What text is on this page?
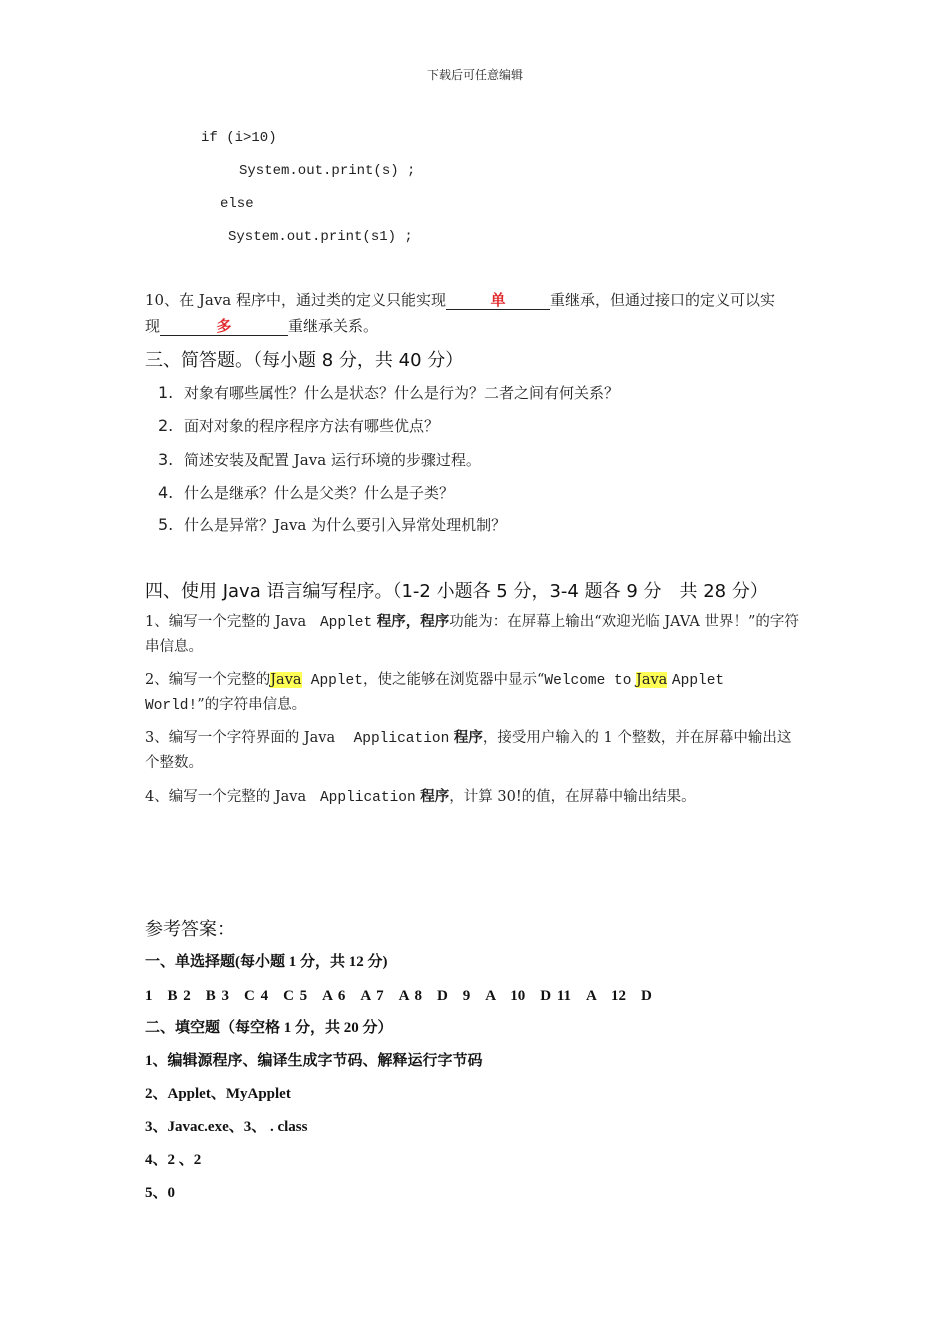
下载后可任意编辑
if (i>10)
System.out.print(s) ;
else
System.out.print(s1) ;
10、在 Java 程序中，通过类的定义只能实现	单	重继承，但通过接口的定义可以实
现	多	重继承关系。
三、简答题。（每小题 8 分，共 40 分）
1. 对象有哪些属性？什么是状态？什么是行为？二者之间有何关系？
2. 面对对象的程序程序方法有哪些优点？
3. 简述安装及配置 Java 运行环境的步骤过程。
4. 什么是继承？什么是父类？什么是子类？
5. 什么是异常？Java 为什么要引入异常处理机制？
四、使用 Java 语言编写程序。（1-2 小题各 5 分，3-4 题各 9 分　共 28 分）
1、编写一个完整的 Java Applet 程序，程序功能为：在屏幕上输出“欢迎光临 JAVA 世界！”的字符串信息。
2、编写一个完整的Java Applet，使之能够在浏览器中显示“Welcome to Java Applet World!”的字符串信息。
3、编写一个字符界面的 Java Application 程序，接受用户输入的 1 个整数，并在屏幕中输出这个整数。
4、编写一个完整的 Java Application 程序，计算 30!的值，在屏幕中输出结果。
参考答案：
一、单选择题(每小题 1 分，共 12 分)
1　B 2　B 3　C 4　C 5　A 6　A 7　A 8　D　9　A　10　D 11　A　12　D
二、填空题（每空格 1 分，共 20 分）
1、编辑源程序、编译生成字节码、解释运行字节码
2、Applet、MyApplet
3、Javac.exe、3、 . class
4、2 、2
5、0
